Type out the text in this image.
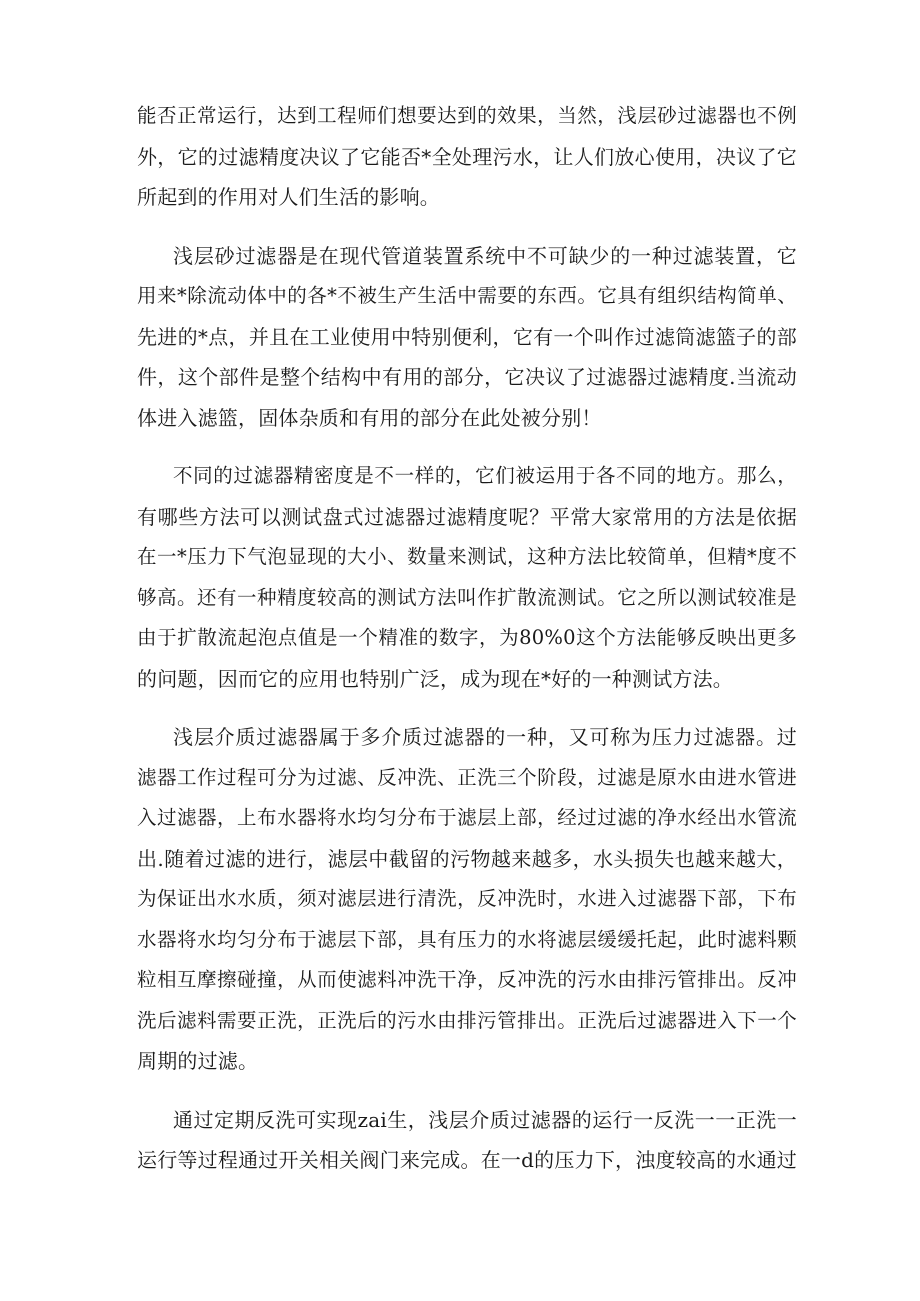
能否正常运行，达到工程师们想要达到的效果，当然，浅层砂过滤器也不例
外，它的过滤精度决议了它能否*全处理污水，让人们放心使用，决议了它
所起到的作用对人们生活的影响。
浅层砂过滤器是在现代管道装置系统中不可缺少的一种过滤装置，它
用来*除流动体中的各*不被生产生活中需要的东西。它具有组织结构简单、
先进的*点，并且在工业使用中特别便利，它有一个叫作过滤筒滤篮子的部
件，这个部件是整个结构中有用的部分，它决议了过滤器过滤精度.当流动
体进入滤篮，固体杂质和有用的部分在此处被分别！
不同的过滤器精密度是不一样的，它们被运用于各不同的地方。那么，
有哪些方法可以测试盘式过滤器过滤精度呢？平常大家常用的方法是依据
在一*压力下气泡显现的大小、数量来测试，这种方法比较简单，但精*度不
够高。还有一种精度较高的测试方法叫作扩散流测试。它之所以测试较准是
由于扩散流起泡点值是一个精准的数字，为80%0这个方法能够反映出更多
的问题，因而它的应用也特别广泛，成为现在*好的一种测试方法。
浅层介质过滤器属于多介质过滤器的一种，又可称为压力过滤器。过
滤器工作过程可分为过滤、反冲洗、正洗三个阶段，过滤是原水由进水管进
入过滤器，上布水器将水均匀分布于滤层上部，经过过滤的净水经出水管流
出.随着过滤的进行，滤层中截留的污物越来越多，水头损失也越来越大，
为保证出水水质，须对滤层进行清洗，反冲洗时，水进入过滤器下部，下布
水器将水均匀分布于滤层下部，具有压力的水将滤层缓缓托起，此时滤料颗
粒相互摩擦碰撞，从而使滤料冲洗干净，反冲洗的污水由排污管排出。反冲
洗后滤料需要正洗，正洗后的污水由排污管排出。正洗后过滤器进入下一个
周期的过滤。
通过定期反洗可实现zai生，浅层介质过滤器的运行一反洗一一正洗一
运行等过程通过开关相关阀门来完成。在一d的压力下，浊度较高的水通过
